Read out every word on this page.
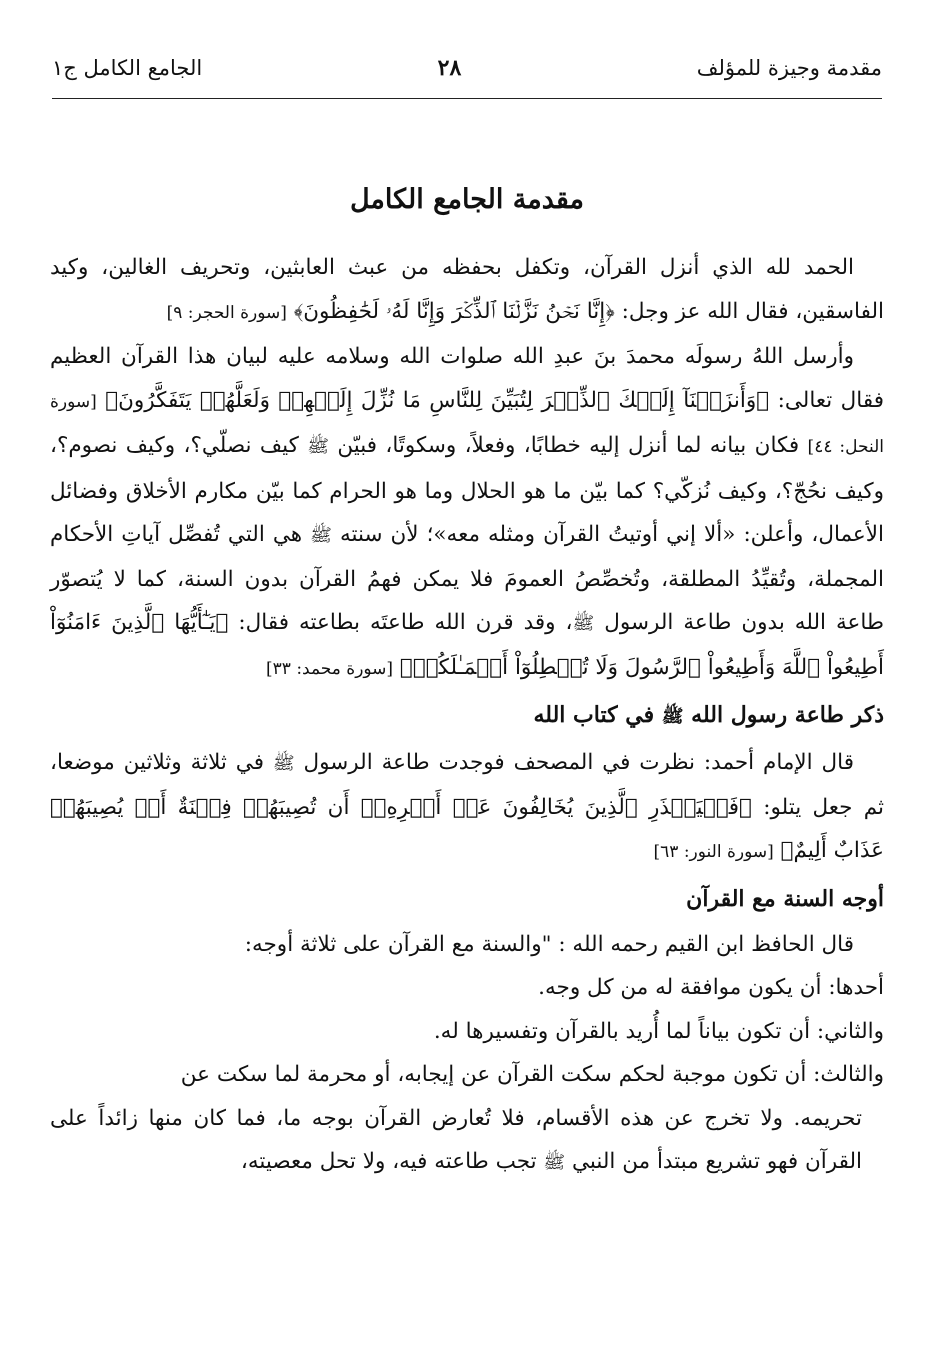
مقدمة وجيزة للمؤلف
٢٨
الجامع الكامل ج١
مقدمة الجامع الكامل

الحمد لله الذي أنزل القرآن، وتكفل بحفظه من عبث العابثين، وتحريف الغالين، وكيد الفاسقين، فقال الله عز وجل: ﴿إِنَّا نَحۡنُ نَزَّلۡنَا ٱلذِّكۡرَ وَإِنَّا لَهُۥ لَحَٰفِظُونَ﴾ [سورة الحجر: ٩]

وأرسل اللهُ رسولَه محمدَ بنَ عبدِ الله صلوات الله وسلامه عليه لبيان هذا القرآن العظيم فقال تعالى: ﴿وَأَنزَلۡنَآ إِلَيۡكَ ٱلذِّكۡرَ لِتُبَيِّنَ لِلنَّاسِ مَا نُزِّلَ إِلَيۡهِمۡ وَلَعَلَّهُمۡ يَتَفَكَّرُونَ﴾ [سورة النحل: ٤٤] فكان بيانه لما أنزل إليه خطابًا، وفعلاً، وسكوتًا، فبيّن ﷺ كيف نصلّي؟، وكيف نصوم؟، وكيف نحُجّ؟، وكيف نُزكّي؟ كما بيّن ما هو الحلال وما هو الحرام كما بيّن مكارم الأخلاق وفضائل الأعمال، وأعلن: «ألا إني أوتيتُ القرآن ومثله معه»؛ لأن سنته ﷺ هي التي تُفصِّل آياتِ الأحكام المجملة، وتُقيِّدُ المطلقة، وتُخصِّصُ العمومَ فلا يمكن فهمُ القرآن بدون السنة، كما لا يُتصوّر طاعة الله بدون طاعة الرسول ﷺ، وقد قرن الله طاعتَه بطاعته فقال: ﴿يَـٰٓأَيُّهَا ٱلَّذِينَ ءَامَنُوٓاْ أَطِيعُواْ ٱللَّهَ وَأَطِيعُواْ ٱلرَّسُولَ وَلَا تُبۡطِلُوٓاْ أَعۡمَـٰلَكُمۡ﴾ [سورة محمد: ٣٣]

ذكر طاعة رسول الله ﷺ في كتاب الله

قال الإمام أحمد: نظرت في المصحف فوجدت طاعة الرسول ﷺ في ثلاثة وثلاثين موضعا، ثم جعل يتلو: ﴿فَلۡيَحۡذَرِ ٱلَّذِينَ يُخَالِفُونَ عَنۡ أَمۡرِهِۦٓ أَن تُصِيبَهُمۡ فِتۡنَةٌ أَوۡ يُصِيبَهُمۡ عَذَابٌ أَلِيمٌ﴾ [سورة النور: ٦٣]

أوجه السنة مع القرآن

قال الحافظ ابن القيم رحمه الله : "والسنة مع القرآن على ثلاثة أوجه:

أحدها: أن يكون موافقة له من كل وجه.

والثاني: أن تكون بياناً لما أُريد بالقرآن وتفسيرها له.

والثالث: أن تكون موجبة لحكم سكت القرآن عن إيجابه، أو محرمة لما سكت عن

تحريمه. ولا تخرج عن هذه الأقسام، فلا تُعارض القرآن بوجه ما، فما كان منها زائداً على القرآن فهو تشريع مبتدأ من النبي ﷺ تجب طاعته فيه، ولا تحل معصيته،
